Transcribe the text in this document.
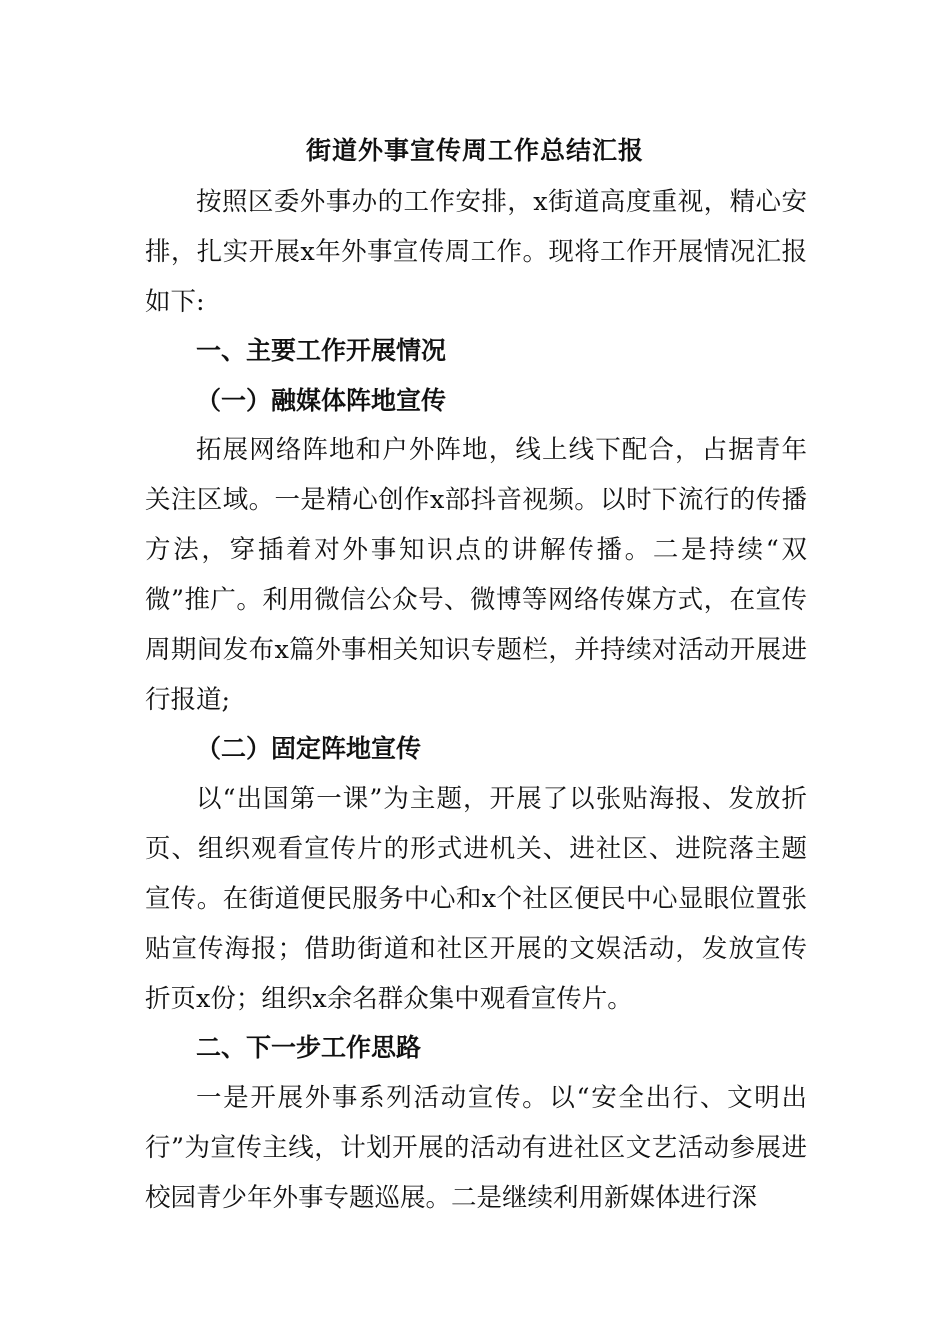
街道外事宣传周工作总结汇报

按照区委外事办的工作安排，x街道高度重视，精心安排，扎实开展x年外事宣传周工作。现将工作开展情况汇报如下:

一、主要工作开展情况
（一）融媒体阵地宣传

拓展网络阵地和户外阵地，线上线下配合，占据青年关注区域。一是精心创作x部抖音视频。以时下流行的传播方法，穿插着对外事知识点的讲解传播。二是持续“双微”推广。利用微信公众号、微博等网络传媒方式，在宣传周期间发布x篇外事相关知识专题栏，并持续对活动开展进行报道;

（二）固定阵地宣传

以“出国第一课”为主题，开展了以张贴海报、发放折页、组织观看宣传片的形式进机关、进社区、进院落主题宣传。在街道便民服务中心和x个社区便民中心显眼位置张贴宣传海报；借助街道和社区开展的文娱活动，发放宣传折页x份；组织x余名群众集中观看宣传片。

二、下一步工作思路

一是开展外事系列活动宣传。以“安全出行、文明出行”为宣传主线，计划开展的活动有进社区文艺活动参展进校园青少年外事专题巡展。二是继续利用新媒体进行深
